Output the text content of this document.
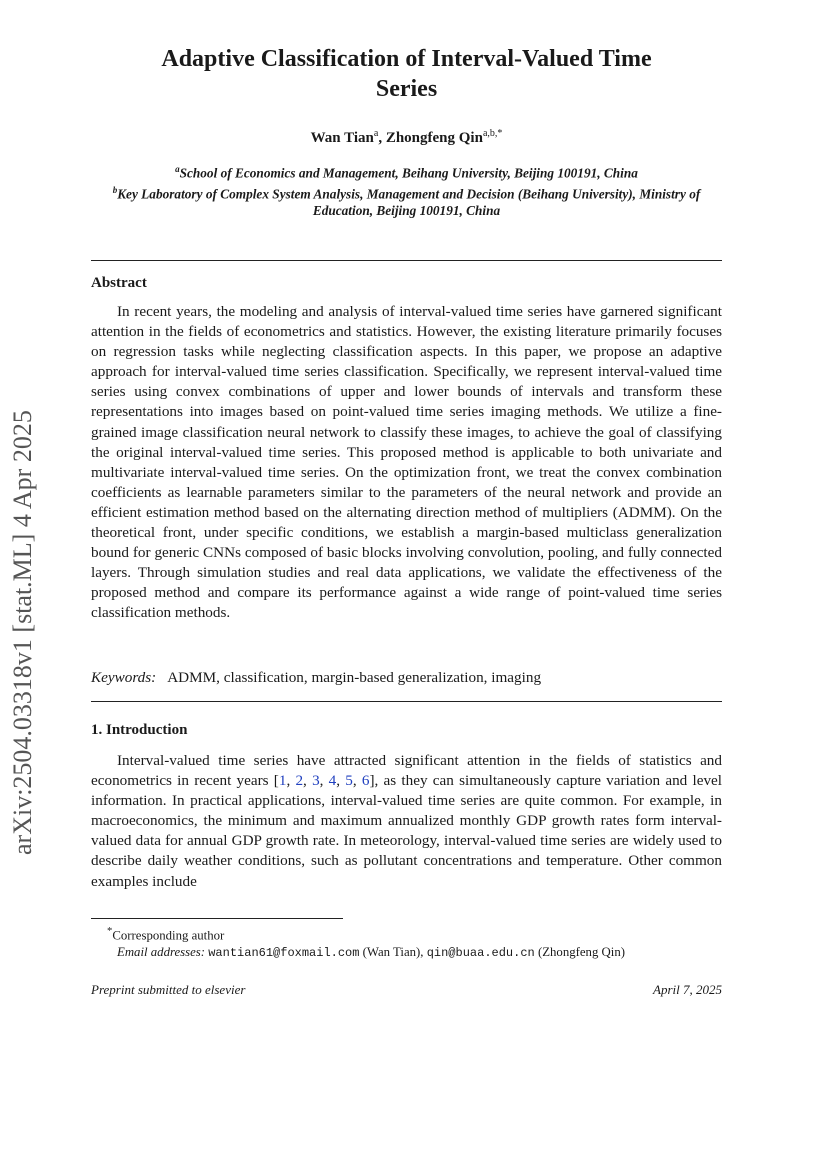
arXiv:2504.03318v1 [stat.ML] 4 Apr 2025
Adaptive Classification of Interval-Valued Time
Series
Wan Tian$^a$, Zhongfeng Qin$^{a,b,*}$
$^a$School of Economics and Management, Beihang University, Beijing 100191, China
$^b$Key Laboratory of Complex System Analysis, Management and Decision (Beihang University), Ministry of Education, Beijing 100191, China
Abstract
In recent years, the modeling and analysis of interval-valued time series have garnered significant attention in the fields of econometrics and statistics. However, the existing literature primarily focuses on regression tasks while neglecting classification aspects. In this paper, we propose an adaptive approach for interval-valued time series classification. Specifically, we represent interval-valued time series using convex combinations of upper and lower bounds of intervals and transform these representations into images based on point-valued time series imaging methods. We utilize a fine-grained image classification neural network to classify these images, to achieve the goal of classifying the original interval-valued time series. This proposed method is applicable to both univariate and multivariate interval-valued time series. On the optimization front, we treat the convex combination coefficients as learnable parameters similar to the parameters of the neural network and provide an efficient estimation method based on the alternating direction method of multipliers (ADMM). On the theoretical front, under specific conditions, we establish a margin-based multiclass generalization bound for generic CNNs composed of basic blocks involving convolution, pooling, and fully connected layers. Through simulation studies and real data applications, we validate the effectiveness of the proposed method and compare its performance against a wide range of point-valued time series classification methods.
Keywords: ADMM, classification, margin-based generalization, imaging
1. Introduction
Interval-valued time series have attracted significant attention in the fields of statistics and econometrics in recent years [1, 2, 3, 4, 5, 6], as they can simultaneously capture variation and level information. In practical applications, interval-valued time series are quite common. For example, in macroeconomics, the minimum and maximum annualized monthly GDP growth rates form interval-valued data for annual GDP growth rate. In meteorology, interval-valued time series are widely used to describe daily weather conditions, such as pollutant concentrations and temperature. Other common examples include
*Corresponding author
Email addresses: wantian61@foxmail.com (Wan Tian), qin@buaa.edu.cn (Zhongfeng Qin)
Preprint submitted to elsevier	April 7, 2025
